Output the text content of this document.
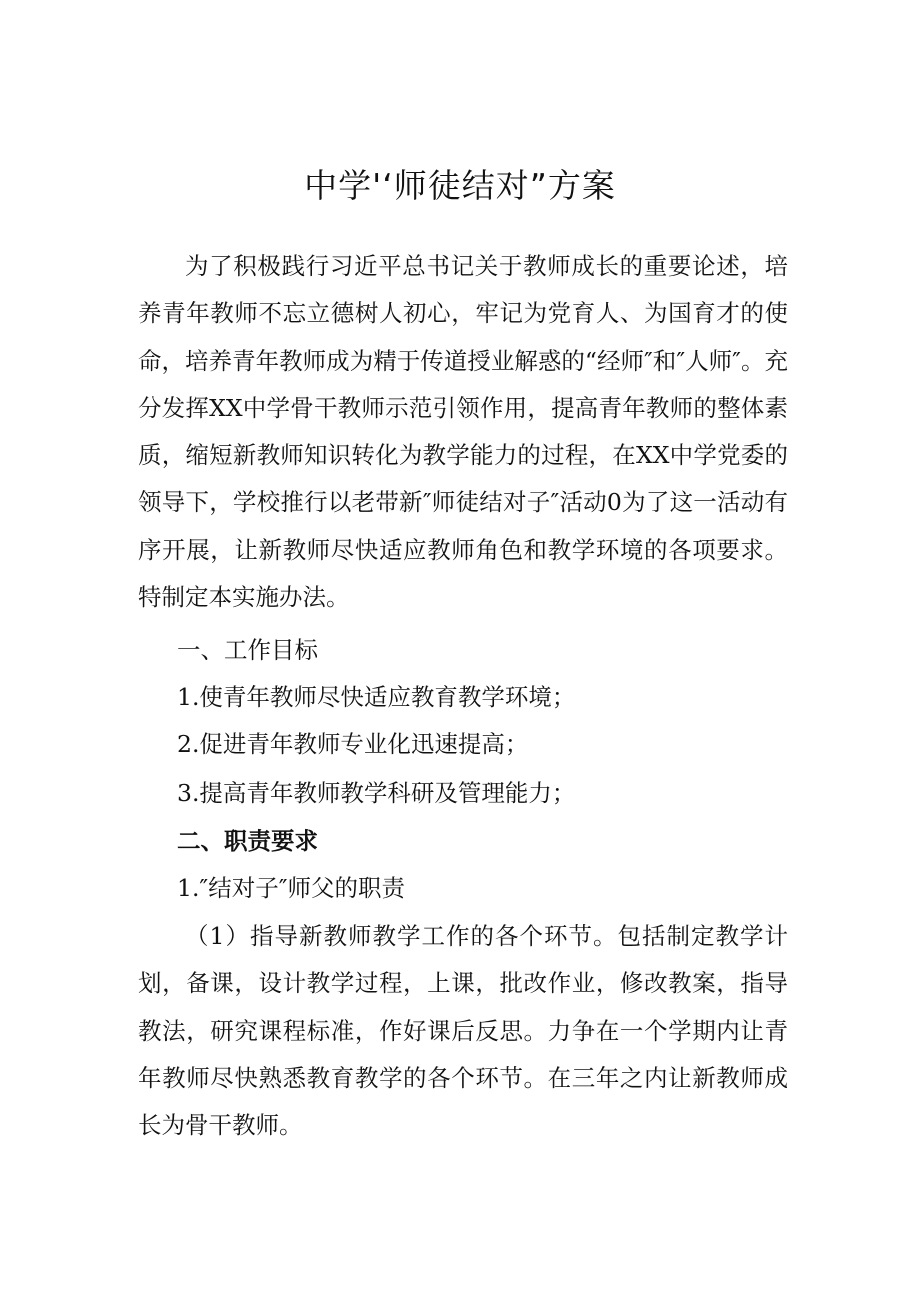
中学'‘师徒结对”方案

为了积极践行习近平总书记关于教师成长的重要论述，培养青年教师不忘立德树人初心，牢记为党育人、为国育才的使命，培养青年教师成为精于传道授业解惑的“经师″和″人师″。充分发挥XX中学骨干教师示范引领作用，提高青年教师的整体素质，缩短新教师知识转化为教学能力的过程，在XX中学党委的领导下，学校推行以老带新″师徒结对子″活动0为了这一活动有序开展，让新教师尽快适应教师角色和教学环境的各项要求。特制定本实施办法。

一、工作目标

1.使青年教师尽快适应教育教学环境；

2.促进青年教师专业化迅速提高；

3.提高青年教师教学科研及管理能力；

二、职责要求

1.″结对子″师父的职责

（1）指导新教师教学工作的各个环节。包括制定教学计划，备课，设计教学过程，上课，批改作业，修改教案，指导教法，研究课程标准，作好课后反思。力争在一个学期内让青年教师尽快熟悉教育教学的各个环节。在三年之内让新教师成长为骨干教师。
